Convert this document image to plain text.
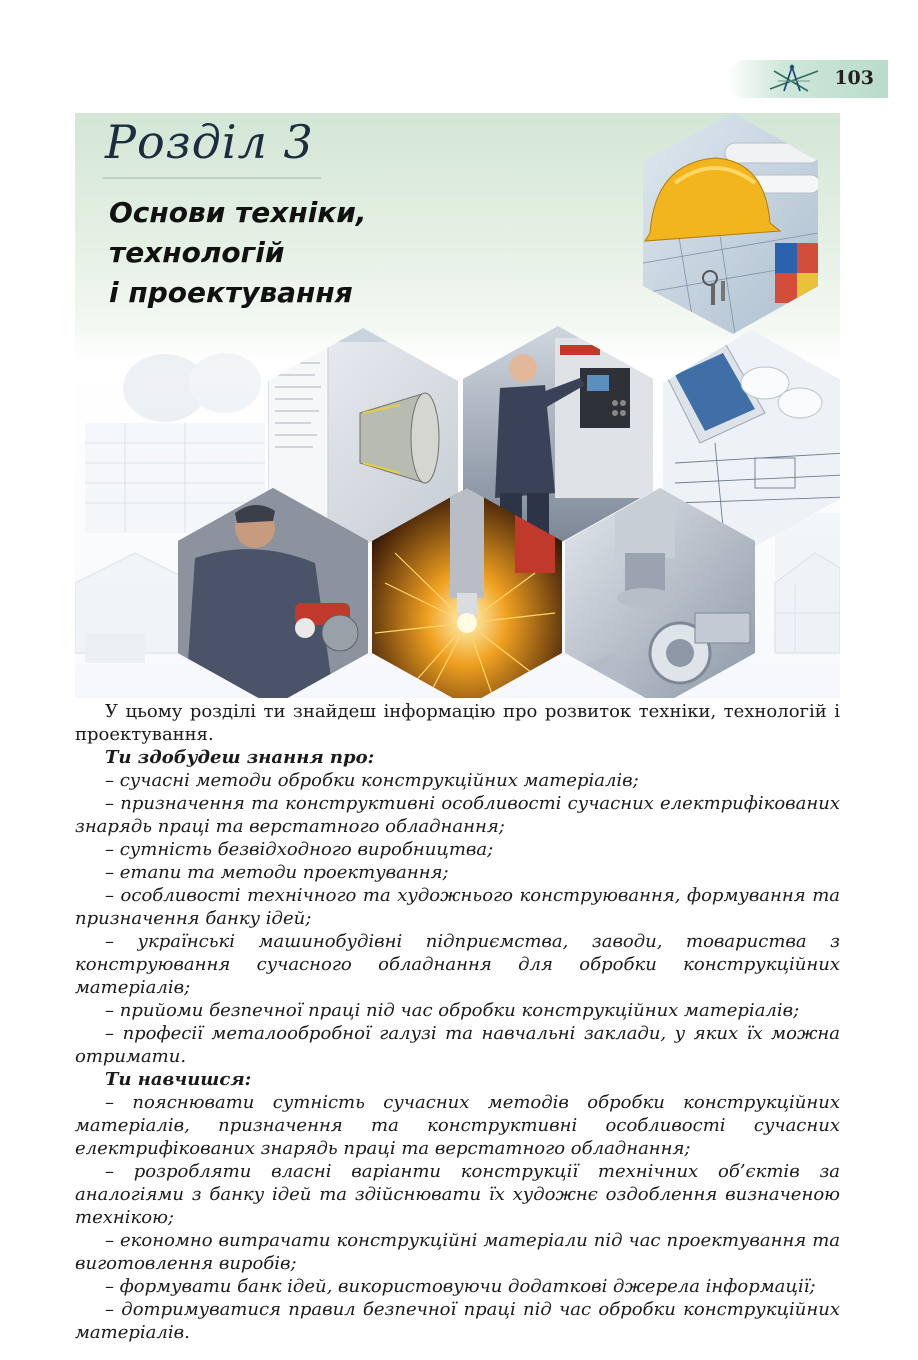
103
Розділ 3
Основи техніки,
технологій
і проектування

У цьому розділі ти знайдеш інформацію про розвиток техніки, технологій і проектування.

Ти здобудеш знання про:

– сучасні методи обробки конструкційних матеріалів;

– призначення та конструктивні особливості сучасних електрифікованих знарядь праці та верстатного обладнання;

– сутність безвідходного виробництва;

– етапи та методи проектування;

– особливості технічного та художнього конструювання, формування та призначення банку ідей;

– українські машинобудівні підприємства, заводи, товариства з конструювання сучасного обладнання для обробки конструкційних матеріалів;

– прийоми безпечної праці під час обробки конструкційних матеріалів;

– професії металообробної галузі та навчальні заклади, у яких їх можна отримати.

Ти навчишся:

– пояснювати сутність сучасних методів обробки конструкційних матеріалів, призначення та конструктивні особливості сучасних електрифікованих знарядь праці та верстатного обладнання;

– розробляти власні варіанти конструкції технічних об’єктів за аналогіями з банку ідей та здійснювати їх художнє оздоблення визначеною технікою;

– економно витрачати конструкційні матеріали під час проектування та виготовлення виробів;

– формувати банк ідей, використовуючи додаткові джерела інформації;

– дотримуватися правил безпечної праці під час обробки конструкційних матеріалів.
